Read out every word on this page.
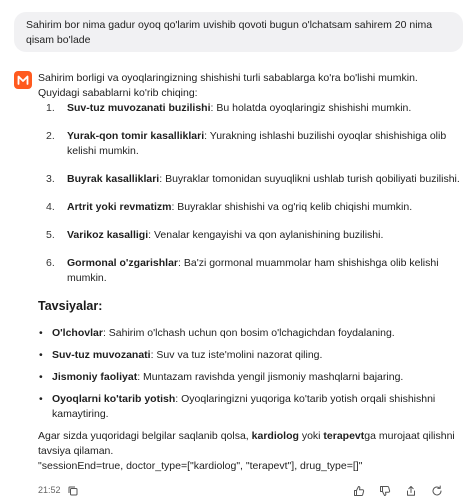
Sahirim bor nima gadur oyoq qo'larim uvishib qovoti bugun o'lchatsam sahirem 20 nima qisam bo'lade

Sahirim borligi va oyoqlaringizning shishishi turli sabablarga ko'ra bo'lishi mumkin. Quyidagi sabablarni ko'rib chiqing:

1.	Suv-tuz muvozanati buzilishi: Bu holatda oyoqlaringiz shishishi mumkin.
2.	Yurak-qon tomir kasalliklari: Yurakning ishlashi buzilishi oyoqlar shishishiga olib kelishi mumkin.
3.	Buyrak kasalliklari: Buyraklar tomonidan suyuqlikni ushlab turish qobiliyati buzilishi.
4.	Artrit yoki revmatizm: Buyraklar shishishi va og'riq kelib chiqishi mumkin.
5.	Varikoz kasalligi: Venalar kengayishi va qon aylanishining buzilishi.
6.	Gormonal o'zgarishlar: Ba'zi gormonal muammolar ham shishishga olib kelishi mumkin.
Tavsiyalar:
• O'lchovlar: Sahirim o'lchash uchun qon bosim o'lchagichdan foydalaning.
• Suv-tuz muvozanati: Suv va tuz iste'molini nazorat qiling.
• Jismoniy faoliyat: Muntazam ravishda yengil jismoniy mashqlarni bajaring.
• Oyoqlarni ko'tarib yotish: Oyoqlaringizni yuqoriga ko'tarib yotish orqali shishishni kamaytiring.

Agar sizda yuqoridagi belgilar saqlanib qolsa, kardiolog yoki terapevtga murojaat qilishni tavsiya qilaman.

"sessionEnd=true, doctor_type=["kardiolog", "terapevt"], drug_type=[]"

21:52
